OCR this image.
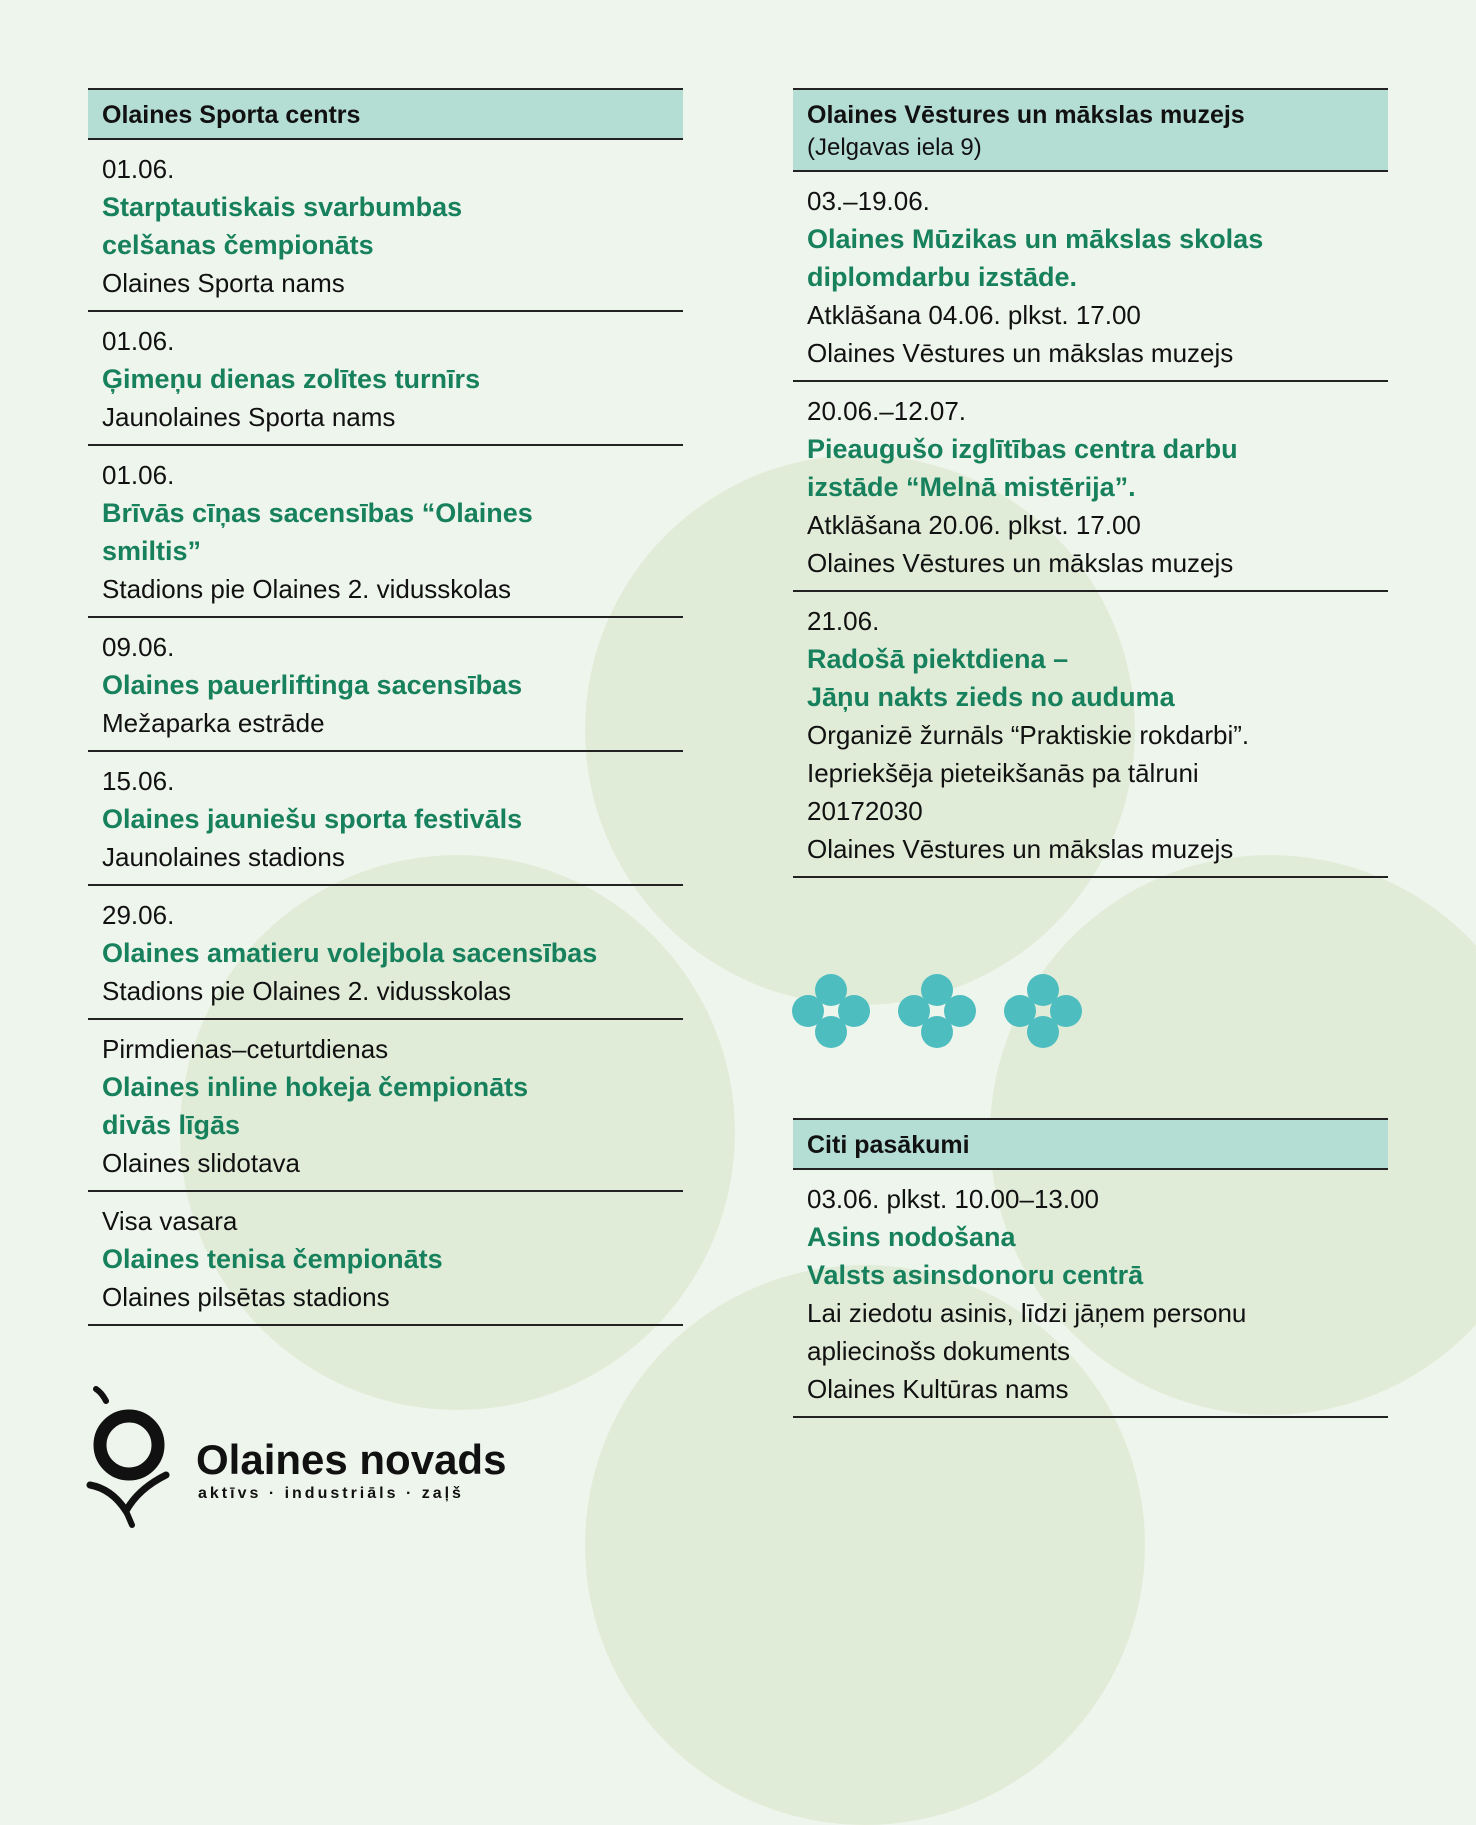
Olaines Sporta centrs
01.06.
Starptautiskais svarbumbas
celšanas čempionāts
Olaines Sporta nams
01.06.
Ģimeņu dienas zolītes turnīrs
Jaunolaines Sporta nams
01.06.
Brīvās cīņas sacensības “Olaines
smiltis”
Stadions pie Olaines 2. vidusskolas
09.06.
Olaines pauerliftinga sacensības
Mežaparka estrāde
15.06.
Olaines jauniešu sporta festivāls
Jaunolaines stadions
29.06.
Olaines amatieru volejbola sacensības
Stadions pie Olaines 2. vidusskolas
Pirmdienas–ceturtdienas
Olaines inline hokeja čempionāts
divās līgās
Olaines slidotava
Visa vasara
Olaines tenisa čempionāts
Olaines pilsētas stadions
Olaines Vēstures un mākslas muzejs
(Jelgavas iela 9)
03.–19.06.
Olaines Mūzikas un mākslas skolas
diplomdarbu izstāde.
Atklāšana 04.06. plkst. 17.00
Olaines Vēstures un mākslas muzejs
20.06.–12.07.
Pieaugušo izglītības centra darbu
izstāde “Melnā mistērija”.
Atklāšana 20.06. plkst. 17.00
Olaines Vēstures un mākslas muzejs
21.06.
Radošā piektdiena –
Jāņu nakts zieds no auduma
Organizē žurnāls “Praktiskie rokdarbi”.
Iepriekšēja pieteikšanās pa tālruni
20172030
Olaines Vēstures un mākslas muzejs
Citi pasākumi
03.06. plkst. 10.00–13.00
Asins nodošana
Valsts asinsdonoru centrā
Lai ziedotu asinis, līdzi jāņem personu
apliecinošs dokuments
Olaines Kultūras nams
Olaines novads
aktīvs · industriāls · zaļš
